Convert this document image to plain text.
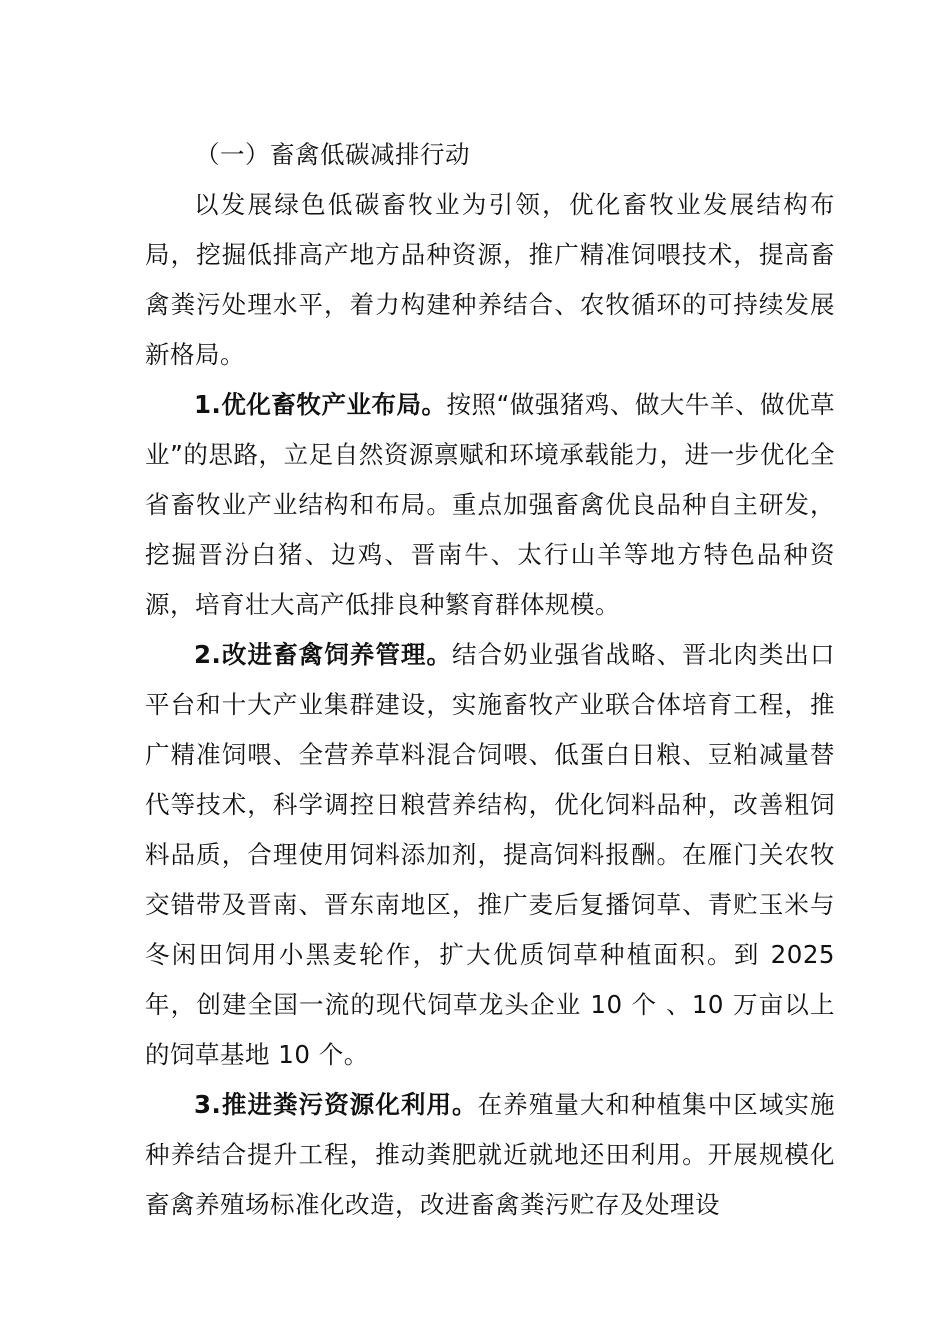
（一）畜禽低碳减排行动

以发展绿色低碳畜牧业为引领，优化畜牧业发展结构布局，挖掘低排高产地方品种资源，推广精准饲喂技术，提高畜禽粪污处理水平，着力构建种养结合、农牧循环的可持续发展新格局。

1.优化畜牧产业布局。按照“做强猪鸡、做大牛羊、做优草业”的思路，立足自然资源禀赋和环境承载能力，进一步优化全省畜牧业产业结构和布局。重点加强畜禽优良品种自主研发，挖掘晋汾白猪、边鸡、晋南牛、太行山羊等地方特色品种资源，培育壮大高产低排良种繁育群体规模。

2.改进畜禽饲养管理。结合奶业强省战略、晋北肉类出口平台和十大产业集群建设，实施畜牧产业联合体培育工程，推广精准饲喂、全营养草料混合饲喂、低蛋白日粮、豆粕减量替代等技术，科学调控日粮营养结构，优化饲料品种，改善粗饲料品质，合理使用饲料添加剂，提高饲料报酬。在雁门关农牧交错带及晋南、晋东南地区，推广麦后复播饲草、青贮玉米与冬闲田饲用小黑麦轮作，扩大优质饲草种植面积。到 2025 年，创建全国一流的现代饲草龙头企业 10 个 、10 万亩以上的饲草基地 10 个。

3.推进粪污资源化利用。在养殖量大和种植集中区域实施种养结合提升工程，推动粪肥就近就地还田利用。开展规模化畜禽养殖场标准化改造，改进畜禽粪污贮存及处理设
